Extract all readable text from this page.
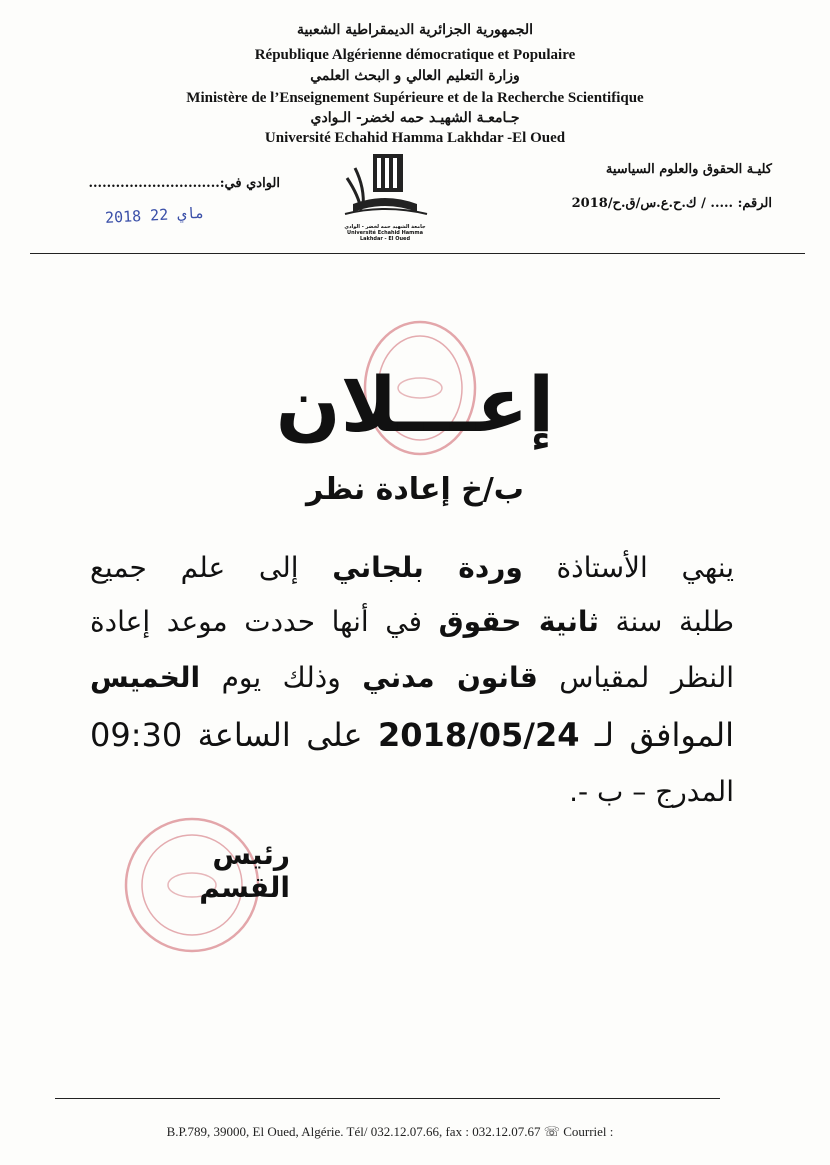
الجمهورية الجزائرية الديمقراطية الشعبية
République Algérienne démocratique et Populaire
وزارة التعليم العالي و البحث العلمي
Ministère de l’Enseignement Supérieure et de la Recherche Scientifique
جـامعـة الشهيـد حمه لخضر- الـوادي
Université Echahid Hamma Lakhdar -El Oued
كليـة الحقوق والعلوم السياسية
الرقم: ..... / ك.ح.ع.س/ق.ح/2018
الوادي في:.............................
2018 ماي 22
جامعة الشهيد حمه لخضر - الوادي Université Echahid Hamma Lakhdar - El Oued
إعـــلان
ب/خ إعادة نظر
ينهي الأستاذة وردة بلجاني إلى علم جميع
طلبة سنة ثانية حقوق في أنها حددت موعد إعادة
النظر لمقياس قانون مدني وذلك يوم الخميس
الموافق لـ 2018/05/24 على الساعة 09:30
المدرج – ب -.
رئيس القسم
B.P.789, 39000, El Oued, Algérie. Tél/ 032.12.07.66, fax : 032.12.07.67 ☏ Courriel :
